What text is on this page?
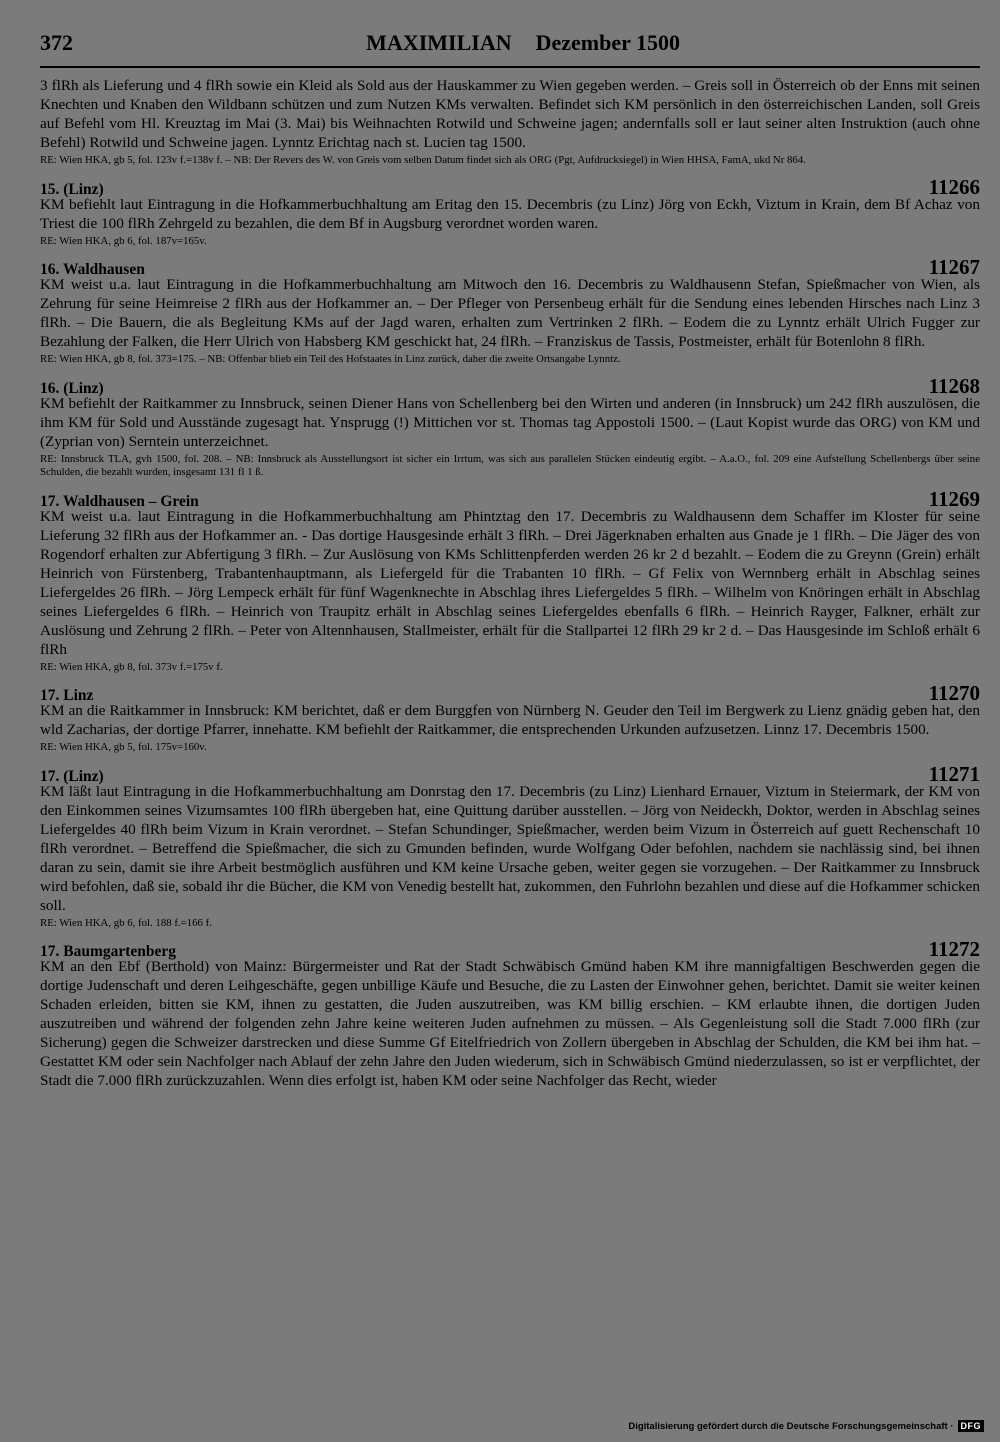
372	MAXIMILIAN Dezember 1500

3 flRh als Lieferung und 4 flRh sowie ein Kleid als Sold aus der Hauskammer zu Wien gegeben werden. – Greis soll in Österreich ob der Enns mit seinen Knechten und Knaben den Wildbann schützen und zum Nutzen KMs verwalten. Befindet sich KM persönlich in den österreichischen Landen, soll Greis auf Befehl vom Hl. Kreuztag im Mai (3. Mai) bis Weihnachten Rotwild und Schweine jagen; andernfalls soll er laut seiner alten Instruktion (auch ohne Befehl) Rotwild und Schweine jagen. Lynntz Erichtag nach st. Lucien tag 1500.

RE: Wien HKA, gb 5, fol. 123v f.=138v f. – NB: Der Revers des W. von Greis vom selben Datum findet sich als ORG (Pgt, Aufdrucksiegel) in Wien HHSA, FamA, ukd Nr 864.

15. (Linz)	11266

KM befiehlt laut Eintragung in die Hofkammerbuchhaltung am Eritag den 15. Decembris (zu Linz) Jörg von Eckh, Viztum in Krain, dem Bf Achaz von Triest die 100 flRh Zehrgeld zu bezahlen, die dem Bf in Augsburg verordnet worden waren.

RE: Wien HKA, gb 6, fol. 187v=165v.

16. Waldhausen	11267

KM weist u.a. laut Eintragung in die Hofkammerbuchhaltung am Mitwoch den 16. Decembris zu Waldhausenn Stefan, Spießmacher von Wien, als Zehrung für seine Heimreise 2 flRh aus der Hofkammer an. – Der Pfleger von Persenbeug erhält für die Sendung eines lebenden Hirsches nach Linz 3 flRh. – Die Bauern, die als Begleitung KMs auf der Jagd waren, erhalten zum Vertrinken 2 flRh. – Eodem die zu Lynntz erhält Ulrich Fugger zur Bezahlung der Falken, die Herr Ulrich von Habsberg KM geschickt hat, 24 flRh. – Franziskus de Tassis, Postmeister, erhält für Botenlohn 8 flRh.

RE: Wien HKA, gb 8, fol. 373=175. – NB: Offenbar blieb ein Teil des Hofstaates in Linz zurück, daher die zweite Ortsangabe Lynntz.

16. (Linz)	11268

KM befiehlt der Raitkammer zu Innsbruck, seinen Diener Hans von Schellenberg bei den Wirten und anderen (in Innsbruck) um 242 flRh auszulösen, die ihm KM für Sold und Ausstände zugesagt hat. Ynsprugg (!) Mittichen vor st. Thomas tag Appostoli 1500. – (Laut Kopist wurde das ORG) von KM und (Zyprian von) Serntein unterzeichnet.

RE: Innsbruck TLA, gvh 1500, fol. 208. – NB: Innsbruck als Ausstellungsort ist sicher ein Irrtum, was sich aus parallelen Stücken eindeutig ergibt. – A.a.O., fol. 209 eine Aufstellung Schellenbergs über seine Schulden, die bezahlt wurden, insgesamt 131 fl 1 ß.

17. Waldhausen – Grein	11269

KM weist u.a. laut Eintragung in die Hofkammerbuchhaltung am Phintztag den 17. Decembris zu Waldhausenn dem Schaffer im Kloster für seine Lieferung 32 flRh aus der Hofkammer an. - Das dortige Hausgesinde erhält 3 flRh. – Drei Jägerknaben erhalten aus Gnade je 1 flRh. – Die Jäger des von Rogendorf erhalten zur Abfertigung 3 flRh. – Zur Auslösung von KMs Schlittenpferden werden 26 kr 2 d bezahlt. – Eodem die zu Greynn (Grein) erhält Heinrich von Fürstenberg, Trabantenhauptmann, als Liefergeld für die Trabanten 10 flRh. – Gf Felix von Wernnberg erhält in Abschlag seines Liefergeldes 26 flRh. – Jörg Lempeck erhält für fünf Wagenknechte in Abschlag ihres Liefergeldes 5 flRh. – Wilhelm von Knöringen erhält in Abschlag seines Liefergeldes 6 flRh. – Heinrich von Traupitz erhält in Abschlag seines Liefergeldes ebenfalls 6 flRh. – Heinrich Rayger, Falkner, erhält zur Auslösung und Zehrung 2 flRh. – Peter von Altennhausen, Stallmeister, erhält für die Stallpartei 12 flRh 29 kr 2 d. – Das Hausgesinde im Schloß erhält 6 flRh

RE: Wien HKA, gb 8, fol. 373v f.=175v f.

17. Linz	11270

KM an die Raitkammer in Innsbruck: KM berichtet, daß er dem Burggfen von Nürnberg N. Geuder den Teil im Bergwerk zu Lienz gnädig geben hat, den wld Zacharias, der dortige Pfarrer, innehatte. KM befiehlt der Raitkammer, die entsprechenden Urkunden aufzusetzen. Linnz 17. Decembris 1500.

RE: Wien HKA, gb 5, fol. 175v=160v.

17. (Linz)	11271

KM läßt laut Eintragung in die Hofkammerbuchhaltung am Donrstag den 17. Decembris (zu Linz) Lienhard Ernauer, Viztum in Steiermark, der KM von den Einkommen seines Vizumsamtes 100 flRh übergeben hat, eine Quittung darüber ausstellen. – Jörg von Neideckh, Doktor, werden in Abschlag seines Liefergeldes 40 flRh beim Vizum in Krain verordnet. – Stefan Schundinger, Spießmacher, werden beim Vizum in Österreich auf guett Rechenschaft 10 flRh verordnet. – Betreffend die Spießmacher, die sich zu Gmunden befinden, wurde Wolfgang Oder befohlen, nachdem sie nachlässig sind, bei ihnen daran zu sein, damit sie ihre Arbeit bestmöglich ausführen und KM keine Ursache geben, weiter gegen sie vorzugehen. – Der Raitkammer zu Innsbruck wird befohlen, daß sie, sobald ihr die Bücher, die KM von Venedig bestellt hat, zukommen, den Fuhrlohn bezahlen und diese auf die Hofkammer schicken soll.

RE: Wien HKA, gb 6, fol. 188 f.=166 f.

17. Baumgartenberg	11272

KM an den Ebf (Berthold) von Mainz: Bürgermeister und Rat der Stadt Schwäbisch Gmünd haben KM ihre mannigfaltigen Beschwerden gegen die dortige Judenschaft und deren Leihgeschäfte, gegen unbillige Käufe und Besuche, die zu Lasten der Einwohner gehen, berichtet. Damit sie weiter keinen Schaden erleiden, bitten sie KM, ihnen zu gestatten, die Juden auszutreiben, was KM billig erschien. – KM erlaubte ihnen, die dortigen Juden auszutreiben und während der folgenden zehn Jahre keine weiteren Juden aufnehmen zu müssen. – Als Gegenleistung soll die Stadt 7.000 flRh (zur Sicherung) gegen die Schweizer darstrecken und diese Summe Gf Eitelfriedrich von Zollern übergeben in Abschlag der Schulden, die KM bei ihm hat. – Gestattet KM oder sein Nachfolger nach Ablauf der zehn Jahre den Juden wiederum, sich in Schwäbisch Gmünd niederzulassen, so ist er verpflichtet, der Stadt die 7.000 flRh zurückzuzahlen. Wenn dies erfolgt ist, haben KM oder seine Nachfolger das Recht, wieder

Digitalisierung gefördert durch die Deutsche Forschungsgemeinschaft · DFG
